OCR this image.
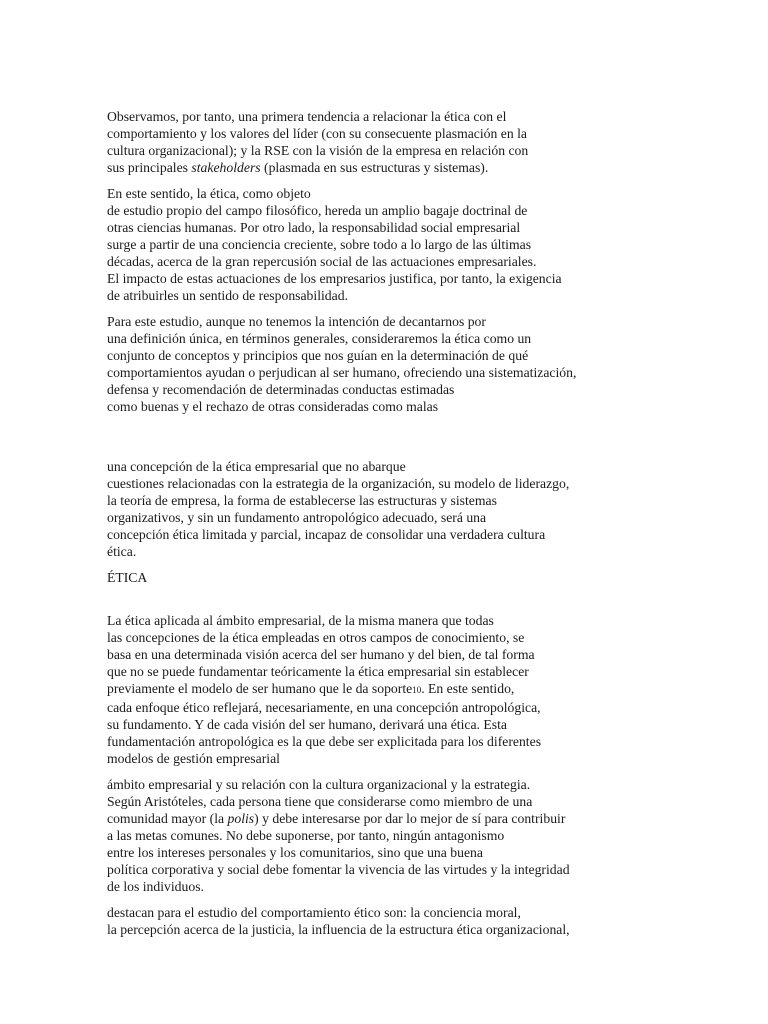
Observamos, por tanto, una primera tendencia a relacionar la ética con el
comportamiento y los valores del líder (con su consecuente plasmación en la
cultura organizacional); y la RSE con la visión de la empresa en relación con
sus principales stakeholders (plasmada en sus estructuras y sistemas).

En este sentido, la ética, como objeto
de estudio propio del campo filosófico, hereda un amplio bagaje doctrinal de
otras ciencias humanas. Por otro lado, la responsabilidad social empresarial
surge a partir de una conciencia creciente, sobre todo a lo largo de las últimas
décadas, acerca de la gran repercusión social de las actuaciones empresariales.
El impacto de estas actuaciones de los empresarios justifica, por tanto, la exigencia
de atribuirles un sentido de responsabilidad.

Para este estudio, aunque no tenemos la intención de decantarnos por
una definición única, en términos generales, consideraremos la ética como un
conjunto de conceptos y principios que nos guían en la determinación de qué
comportamientos ayudan o perjudican al ser humano, ofreciendo una sistematización,
defensa y recomendación de determinadas conductas estimadas
como buenas y el rechazo de otras consideradas como malas

una concepción de la ética empresarial que no abarque
cuestiones relacionadas con la estrategia de la organización, su modelo de liderazgo,
la teoría de empresa, la forma de establecerse las estructuras y sistemas
organizativos, y sin un fundamento antropológico adecuado, será una
concepción ética limitada y parcial, incapaz de consolidar una verdadera cultura
ética.

ÉTICA

La ética aplicada al ámbito empresarial, de la misma manera que todas
las concepciones de la ética empleadas en otros campos de conocimiento, se
basa en una determinada visión acerca del ser humano y del bien, de tal forma
que no se puede fundamentar teóricamente la ética empresarial sin establecer
previamente el modelo de ser humano que le da soporte10. En este sentido,
cada enfoque ético reflejará, necesariamente, en una concepción antropológica,
su fundamento. Y de cada visión del ser humano, derivará una ética. Esta
fundamentación antropológica es la que debe ser explicitada para los diferentes
modelos de gestión empresarial

ámbito empresarial y su relación con la cultura organizacional y la estrategia.
Según Aristóteles, cada persona tiene que considerarse como miembro de una
comunidad mayor (la polis) y debe interesarse por dar lo mejor de sí para contribuir
a las metas comunes. No debe suponerse, por tanto, ningún antagonismo
entre los intereses personales y los comunitarios, sino que una buena
política corporativa y social debe fomentar la vivencia de las virtudes y la integridad
de los individuos.

destacan para el estudio del comportamiento ético son: la conciencia moral,
la percepción acerca de la justicia, la influencia de la estructura ética organizacional,
